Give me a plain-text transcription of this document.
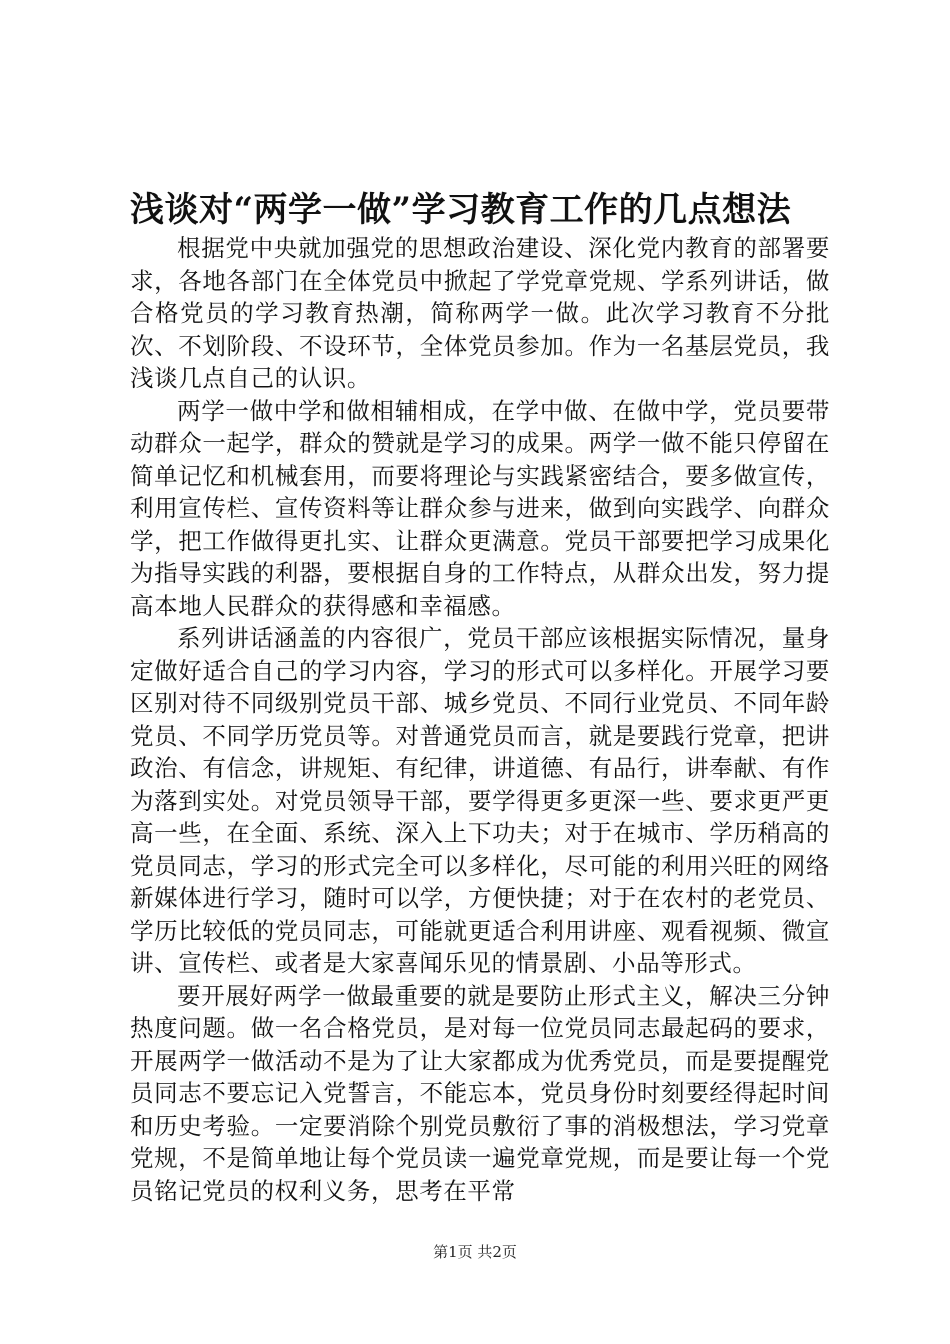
浅谈对“两学一做”学习教育工作的几点想法

根据党中央就加强党的思想政治建设、深化党内教育的部署要求，各地各部门在全体党员中掀起了学党章党规、学系列讲话，做合格党员的学习教育热潮，简称两学一做。此次学习教育不分批次、不划阶段、不设环节，全体党员参加。作为一名基层党员，我浅谈几点自己的认识。

两学一做中学和做相辅相成，在学中做、在做中学，党员要带动群众一起学，群众的赞就是学习的成果。两学一做不能只停留在简单记忆和机械套用，而要将理论与实践紧密结合，要多做宣传，利用宣传栏、宣传资料等让群众参与进来，做到向实践学、向群众学，把工作做得更扎实、让群众更满意。党员干部要把学习成果化为指导实践的利器，要根据自身的工作特点，从群众出发，努力提高本地人民群众的获得感和幸福感。

系列讲话涵盖的内容很广，党员干部应该根据实际情况，量身定做好适合自己的学习内容，学习的形式可以多样化。开展学习要区别对待不同级别党员干部、城乡党员、不同行业党员、不同年龄党员、不同学历党员等。对普通党员而言，就是要践行党章，把讲政治、有信念，讲规矩、有纪律，讲道德、有品行，讲奉献、有作为落到实处。对党员领导干部，要学得更多更深一些、要求更严更高一些，在全面、系统、深入上下功夫；对于在城市、学历稍高的党员同志，学习的形式完全可以多样化，尽可能的利用兴旺的网络新媒体进行学习，随时可以学，方便快捷；对于在农村的老党员、学历比较低的党员同志，可能就更适合利用讲座、观看视频、微宣讲、宣传栏、或者是大家喜闻乐见的情景剧、小品等形式。

要开展好两学一做最重要的就是要防止形式主义，解决三分钟热度问题。做一名合格党员，是对每一位党员同志最起码的要求，开展两学一做活动不是为了让大家都成为优秀党员，而是要提醒党员同志不要忘记入党誓言，不能忘本，党员身份时刻要经得起时间和历史考验。一定要消除个别党员敷衍了事的消极想法，学习党章党规，不是简单地让每个党员读一遍党章党规，而是要让每一个党员铭记党员的权利义务，思考在平常

第1页 共2页
